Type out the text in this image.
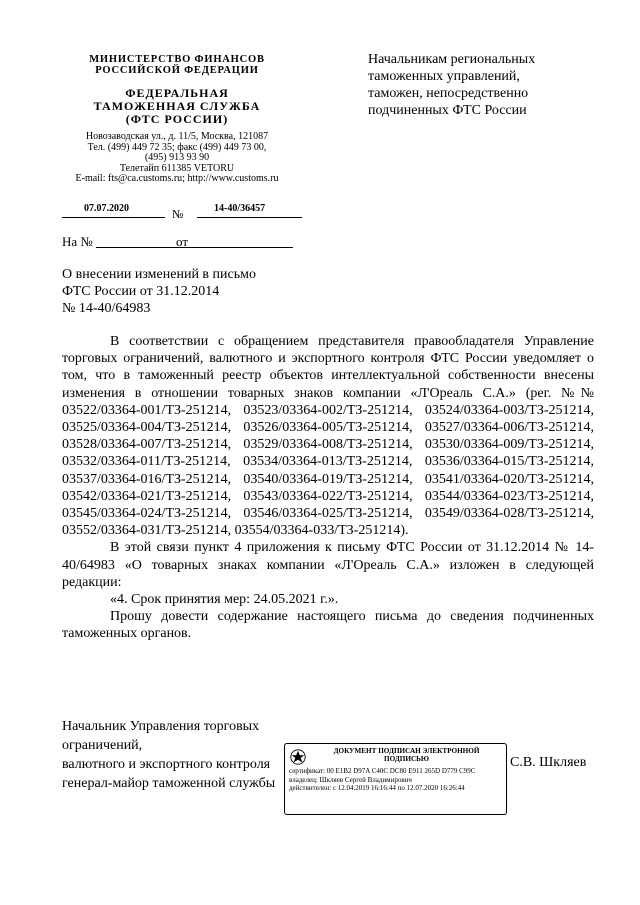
МИНИСТЕРСТВО ФИНАНСОВ
РОССИЙСКОЙ ФЕДЕРАЦИИ
ФЕДЕРАЛЬНАЯ
ТАМОЖЕННАЯ СЛУЖБА
(ФТС РОССИИ)
Новозаводская ул., д. 11/5, Москва, 121087
Тел. (499) 449 72 35; факс (499) 449 73 00,
(495) 913 93 90
Телетайп 611385 VETORU
E-mail: fts@ca.customs.ru; http://www.customs.ru
Начальникам региональных
таможенных управлений,
таможен, непосредственно
подчиненных ФТС России
07.07.2020	№	14-40/36457
На №	от
О внесении изменений в письмо
ФТС России от 31.12.2014
№ 14-40/64983

В соответствии с обращением представителя правообладателя Управление торговых ограничений, валютного и экспортного контроля ФТС России уведомляет о том, что в таможенный реестр объектов интеллектуальной собственности внесены изменения в отношении товарных знаков компании «Л'Ореаль С.А.» (рег. №№ 03522/03364-001/ТЗ-251214, 03523/03364-002/ТЗ-251214, 03524/03364-003/ТЗ-251214, 03525/03364-004/ТЗ-251214, 03526/03364-005/ТЗ-251214, 03527/03364-006/ТЗ-251214, 03528/03364-007/ТЗ-251214, 03529/03364-008/ТЗ-251214, 03530/03364-009/ТЗ-251214, 03532/03364-011/ТЗ-251214, 03534/03364-013/ТЗ-251214, 03536/03364-015/ТЗ-251214, 03537/03364-016/ТЗ-251214, 03540/03364-019/ТЗ-251214, 03541/03364-020/ТЗ-251214, 03542/03364-021/ТЗ-251214, 03543/03364-022/ТЗ-251214, 03544/03364-023/ТЗ-251214, 03545/03364-024/ТЗ-251214, 03546/03364-025/ТЗ-251214, 03549/03364-028/ТЗ-251214, 03552/03364-031/ТЗ-251214, 03554/03364-033/ТЗ-251214).

В этой связи пункт 4 приложения к письму ФТС России от 31.12.2014 № 14-40/64983 «О товарных знаках компании «Л'Ореаль С.А.» изложен в следующей редакции:

«4. Срок принятия мер: 24.05.2021 г.».

Прошу довести содержание настоящего письма до сведения подчиненных таможенных органов.

Начальник Управления торговых ограничений,
валютного и экспортного контроля
генерал-майор таможенной службы
ДОКУМЕНТ ПОДПИСАН ЭЛЕКТРОННОЙ
ПОДПИСЬЮ
сертификат: 00 E1B2 D97A C40C DC80 E911 265D D779 C99C
владелец: Шкляев Сергей Владимирович
действителен: с 12.04.2019 16:16:44 по 12.07.2020 16:26:44
С.В. Шкляев
